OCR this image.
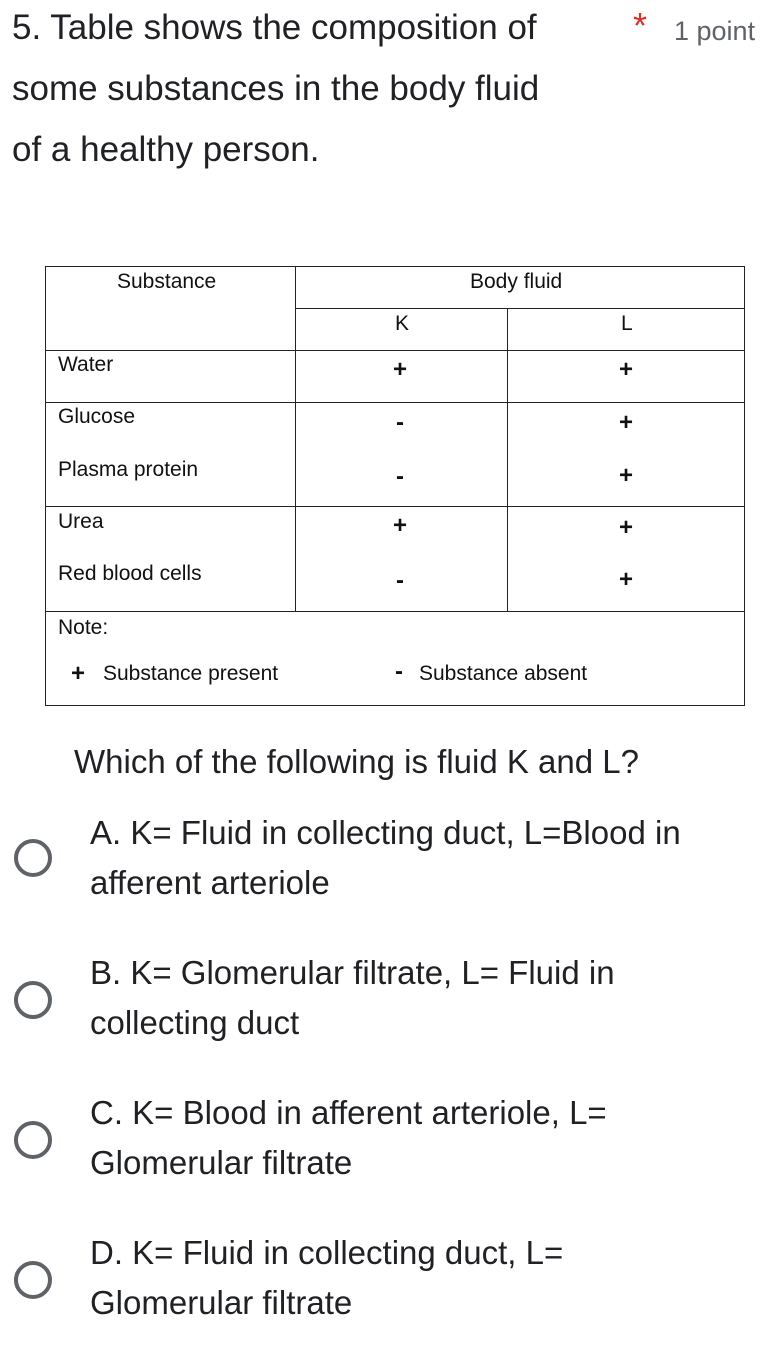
5. Table shows the composition of
some substances in the body fluid
of a healthy person.
* 1 point
Substance	Body fluid
K	L
Water	+	+
Glucose	-	+
Plasma protein	-	+
Urea	+	+
Red blood cells	-	+
Note:
+ Substance present	- Substance absent
Which of the following is fluid K and L?
A. K= Fluid in collecting duct, L=Blood in
afferent arteriole
B. K= Glomerular filtrate, L= Fluid in
collecting duct
C. K= Blood in afferent arteriole, L=
Glomerular filtrate
D. K= Fluid in collecting duct, L=
Glomerular filtrate
